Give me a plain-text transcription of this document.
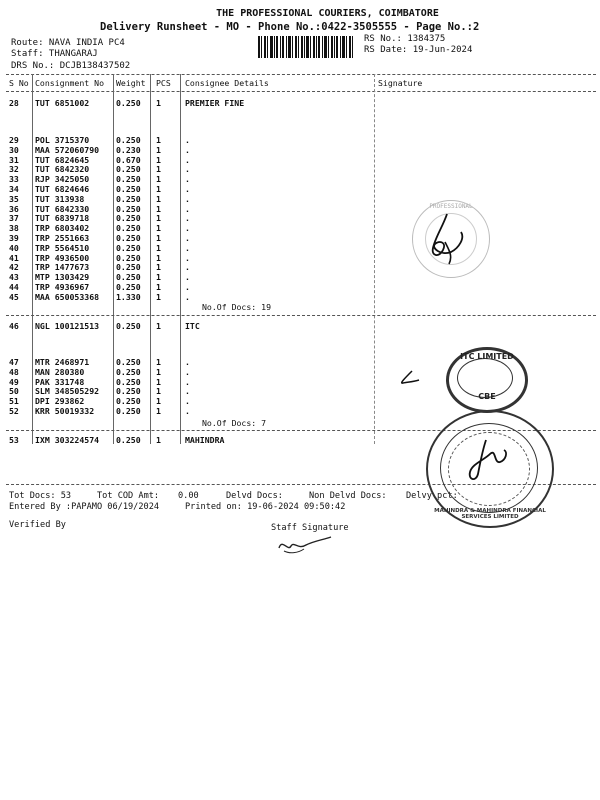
THE PROFESSIONAL COURIERS, COIMBATORE
Delivery Runsheet - MO - Phone No.:0422-3505555 - Page No.:2
Route: NAVA INDIA PC4
Staff: THANGARAJ
DRS No.: DCJB138437502
RS No.: 1384375
RS Date: 19-Jun-2024
S No Consignment No Weight PCS Consignee Details	Signature
28 TUT 6851002	0.250 1	PREMIER FINE
29 POL 3715370	0.250 1	.
30 MAA 572060790 0.230 1	.
31 TUT 6824645	0.670 1	.
32 TUT 6842320	0.250 1	.
33 RJP 3425050	0.250 1	.
34 TUT 6824646	0.250 1	.
35 TUT 313938	0.250 1	.
36 TUT 6842330	0.250 1	.
37 TUT 6839718	0.250 1	.
38 TRP 6803402	0.250 1	.
39 TRP 2551663	0.250 1	.
40 TRP 5564510	0.250 1	.
41 TRP 4936500	0.250 1	.
42 TRP 1477673	0.250 1	.
43 MTP 1303429	0.250 1	.
44 TRP 4936967	0.250 1	.
45 MAA 650053368 1.330 1	.
No.Of Docs: 19
46 NGL 100121513 0.250 1	ITC
47 MTR 2468971	0.250 1	.
48 MAN 280380	0.250 1	.
49 PAK 331748	0.250 1	.
50 SLM 348505292 0.250 1	.
51 DPI 293862	0.250 1	.
52 KRR 50019332	0.250 1	.
No.Of Docs: 7
53 IXM 303224574 0.250 1	MAHINDRA
Tot Docs: 53	Tot COD Amt: 0.00	Delvd Docs:	Non Delvd Docs: Delvy pct:
Entered By :PAPAMO 06/19/2024	Printed on: 19-06-2024 09:50:42
Verified By	Staff Signature
PROFESSIONAL
ITC LIMITED
CBE
MAHINDRA & MAHINDRA FINANCIAL SERVICES LIMITED
